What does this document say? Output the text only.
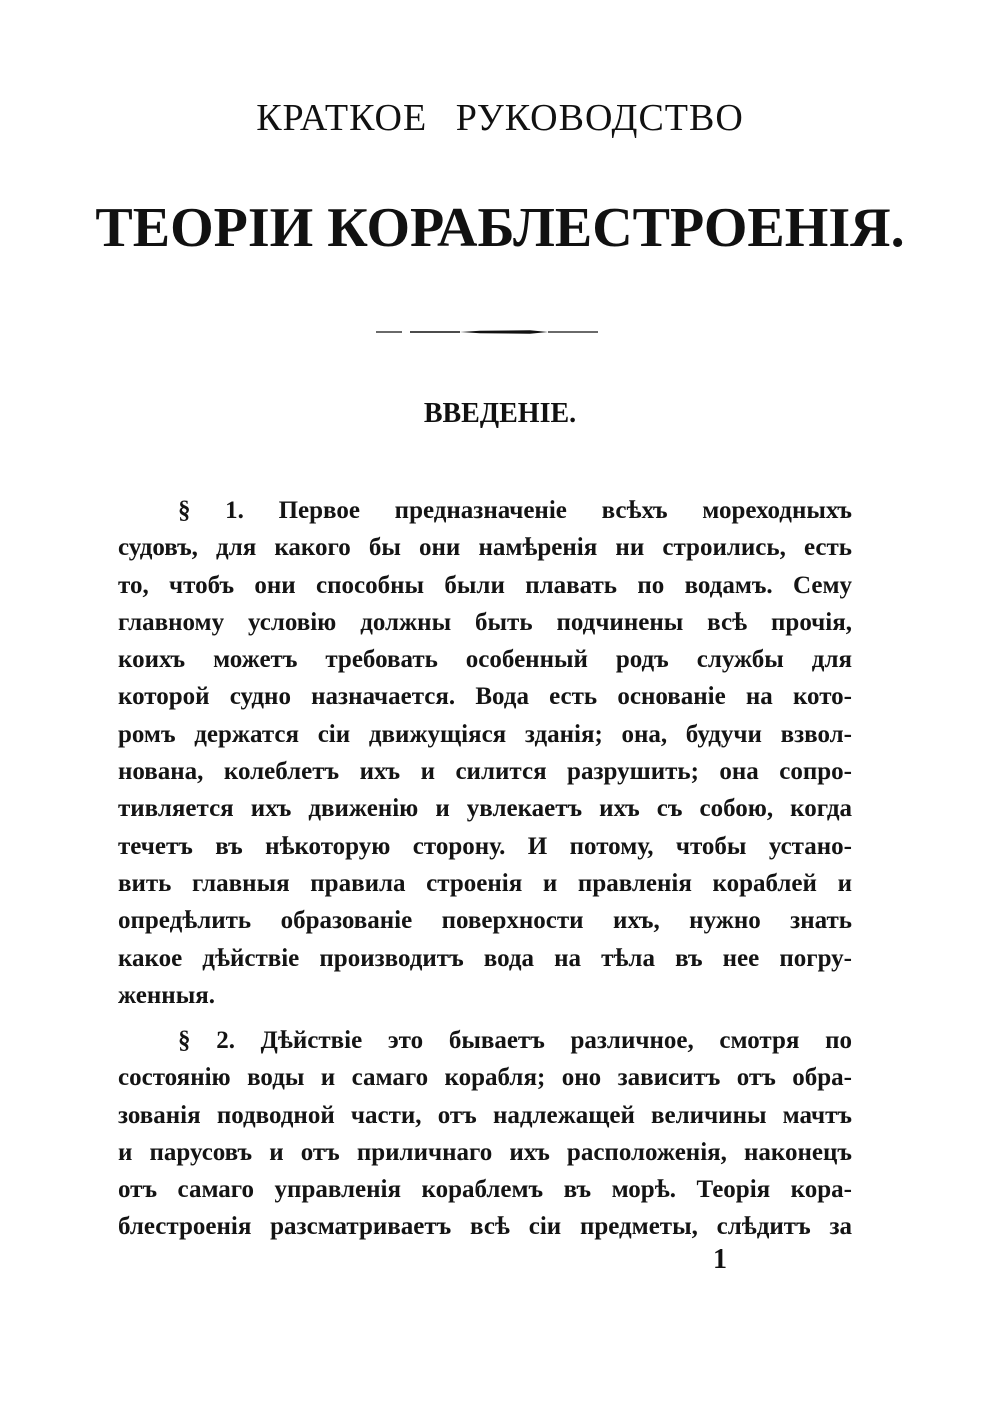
КРАТКОЕ РУКОВОДСТВО
ТЕОРІИ КОРАБЛЕСТРОЕНІЯ.
ВВЕДЕНІЕ.
§ 1. Первое предназначеніе всѣхъ мореходныхъ
судовъ, для какого бы они намѣренія ни строились, есть
то, чтобъ они способны были плавать по водамъ. Сему
главному условію должны быть подчинены всѣ прочія,
коихъ можетъ требовать особенный родъ службы для
которой судно назначается. Вода есть основаніе на кото-
ромъ держатся сіи движущіяся зданія; она, будучи взвол-
нована, колеблетъ ихъ и силится разрушить; она сопро-
тивляется ихъ движенію и увлекаетъ ихъ съ собою, когда
течетъ въ нѣкоторую сторону. И потому, чтобы устано-
вить главныя правила строенія и правленія кораблей и
опредѣлить образованіе поверхности ихъ, нужно знать
какое дѣйствіе производитъ вода на тѣла въ нее погру-
женныя.
§ 2. Дѣйствіе это бываетъ различное, смотря по
состоянію воды и самаго корабля; оно зависитъ отъ обра-
зованія подводной части, отъ надлежащей величины мачтъ
и парусовъ и отъ приличнаго ихъ расположенія, наконецъ
отъ самаго управленія кораблемъ въ морѣ. Теорія кора-
блестроенія разсматриваетъ всѣ сіи предметы, слѣдитъ за
1
